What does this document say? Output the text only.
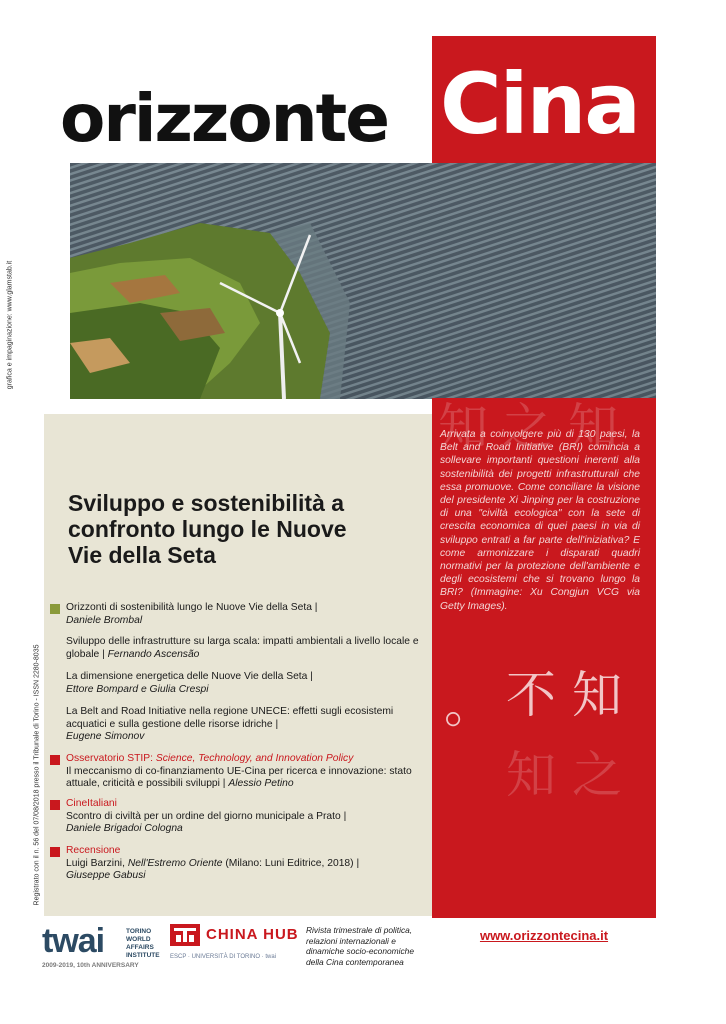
orizzonte Cina
grafica e impaginazione: www.glamstab.it
Sviluppo e sostenibilità a confronto lungo le Nuove Vie della Seta
Orizzonti di sostenibilità lungo le Nuove Vie della Seta |
Daniele Brombal
Sviluppo delle infrastrutture su larga scala: impatti ambientali a livello locale e globale | Fernando Ascensão
La dimensione energetica delle Nuove Vie della Seta |
Ettore Bompard e Giulia Crespi
La Belt and Road Initiative nella regione UNECE: effetti sugli ecosistemi acquatici e sulla gestione delle risorse idriche |
Eugene Simonov
Osservatorio STIP: Science, Technology, and Innovation Policy
Il meccanismo di co-finanziamento UE-Cina per ricerca e innovazione: stato attuale, criticità e possibili sviluppi | Alessio Petino
CineItaliani
Scontro di civiltà per un ordine del giorno municipale a Prato |
Daniele Brigadoi Cologna
Recensione
Luigi Barzini, Nell'Estremo Oriente (Milano: Luni Editrice, 2018) |
Giuseppe Gabusi
Registrato con il n. 56 del 07/08/2018 presso il Tribunale di Torino - ISSN 2280-8035
知 之 知
。 不 知
知 之
Arrivata a coinvolgere più di 130 paesi, la Belt and Road Initiative (BRI) comincia a sollevare importanti questioni inerenti alla sostenibilità dei progetti infrastrutturali che essa promuove. Come conciliare la visione del presidente Xi Jinping per la costruzione di una "civiltà ecologica" con la sete di crescita economica di quei paesi in via di sviluppo entrati a far parte dell'iniziativa? E come armonizzare i disparati quadri normativi per la protezione dell'ambiente e degli ecosistemi che si trovano lungo la BRI? (Immagine: Xu Congjun VCG via Getty Images).
twai	TORINO WORLD AFFAIRS INSTITUTE
2009-2019, 10th ANNIVERSARY
CHINA HUB
ESCP · UNIVERSITÀ DI TORINO · twai
Rivista trimestrale di politica, relazioni internazionali e dinamiche socio-economiche della Cina contemporanea
www.orizzontecina.it
